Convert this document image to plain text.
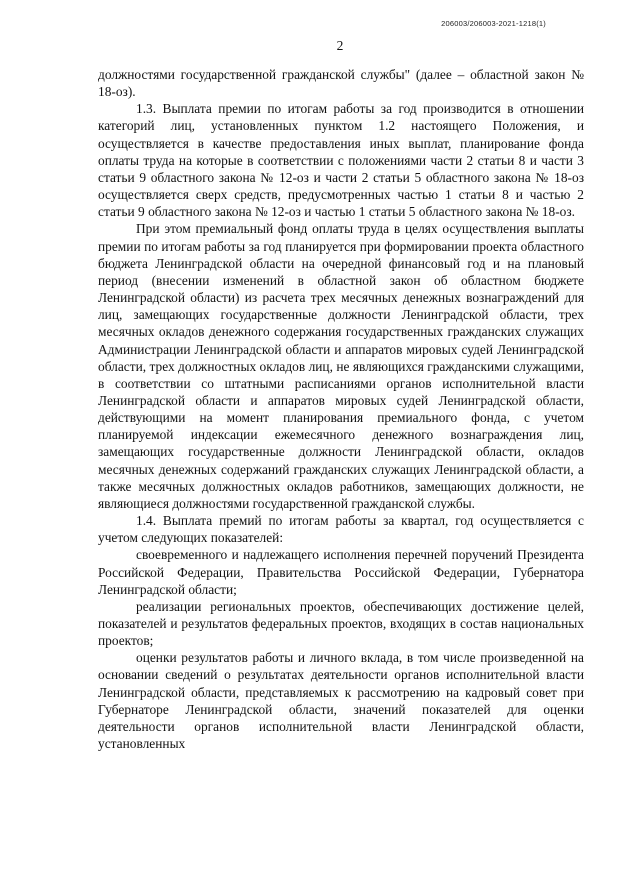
206003/206003-2021-1218(1)
2

должностями государственной гражданской службы" (далее – областной закон № 18-оз).

1.3. Выплата премии по итогам работы за год производится в отношении категорий лиц, установленных пунктом 1.2 настоящего Положения, и осуществляется в качестве предоставления иных выплат, планирование фонда оплаты труда на которые в соответствии с положениями части 2 статьи 8 и части 3 статьи 9 областного закона № 12-оз и части 2 статьи 5 областного закона № 18-оз осуществляется сверх средств, предусмотренных частью 1 статьи 8 и частью 2 статьи 9 областного закона № 12-оз и частью 1 статьи 5 областного закона № 18-оз.

При этом премиальный фонд оплаты труда в целях осуществления выплаты премии по итогам работы за год планируется при формировании проекта областного бюджета Ленинградской области на очередной финансовый год и на плановый период (внесении изменений в областной закон об областном бюджете Ленинградской области) из расчета трех месячных денежных вознаграждений для лиц, замещающих государственные должности Ленинградской области, трех месячных окладов денежного содержания государственных гражданских служащих Администрации Ленинградской области и аппаратов мировых судей Ленинградской области, трех должностных окладов лиц, не являющихся гражданскими служащими, в соответствии со штатными расписаниями органов исполнительной власти Ленинградской области и аппаратов мировых судей Ленинградской области, действующими на момент планирования премиального фонда, с учетом планируемой индексации ежемесячного денежного вознаграждения лиц, замещающих государственные должности Ленинградской области, окладов месячных денежных содержаний гражданских служащих Ленинградской области, а также месячных должностных окладов работников, замещающих должности, не являющиеся должностями государственной гражданской службы.

1.4. Выплата премий по итогам работы за квартал, год осуществляется с учетом следующих показателей:

своевременного и надлежащего исполнения перечней поручений Президента Российской Федерации, Правительства Российской Федерации, Губернатора Ленинградской области;

реализации региональных проектов, обеспечивающих достижение целей, показателей и результатов федеральных проектов, входящих в состав национальных проектов;

оценки результатов работы и личного вклада, в том числе произведенной на основании сведений о результатах деятельности органов исполнительной власти Ленинградской области, представляемых к рассмотрению на кадровый совет при Губернаторе Ленинградской области, значений показателей для оценки деятельности органов исполнительной власти Ленинградской области, установленных
